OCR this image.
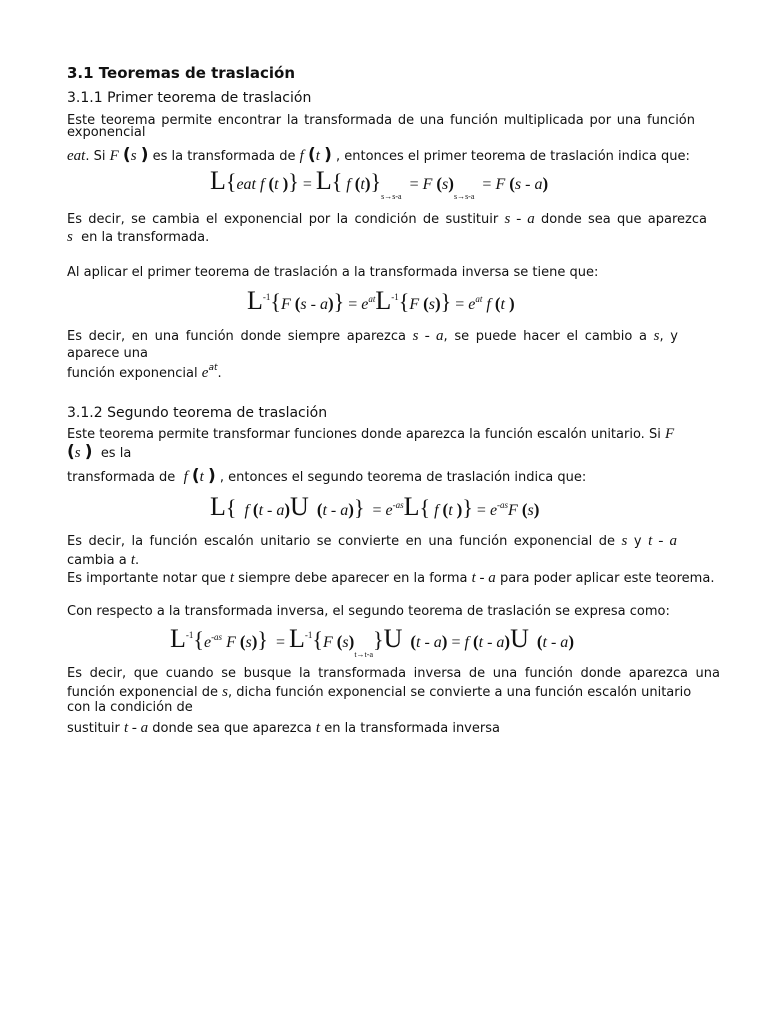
3.1 Teoremas de traslación
3.1.1 Primer teorema de traslación
Este teorema permite encontrar la transformada de una función multiplicada por una función
exponencial
eat. Si F (s ) es la transformada de f (t ) , entonces el primer teorema de traslación indica que:
L{eat f (t )} = L{ f $(t)\}_{s\to s-a} = F$ $(s)_{s\to s-a} = F$ (s - a)
Es decir, se cambia el exponencial por la condición de sustituir s - a donde sea que aparezca
s en la transformada.
Al aplicar el primer teorema de traslación a la transformada inversa se tiene que:
$L^{-1}\{F$ $(s - a)\} = e^{at}L^{-1}\{F$ $(s)\} = e^{at}$ f (t )
Es decir, en una función donde siempre aparezca s - a, se puede hacer el cambio a s, y
aparece una
función exponencial $e^{at}$.
3.1.2 Segundo teorema de traslación
Este teorema permite transformar funciones donde aparezca la función escalón unitario. Si F
(s ) es la
transformada de f (t ) , entonces el segundo teorema de traslación indica que:
L{ f (t - a)U $(t - a)\} = e^{-as}L${ f (t )} = $e^{-as}F$ (s)
Es decir, la función escalón unitario se convierte en una función exponencial de s y t - a
cambia a t.
Es importante notar que t siempre debe aparecer en la forma t - a para poder aplicar este teorema.
Con respecto a la transformada inversa, el segundo teorema de traslación se expresa como:
$L^{-1}\{e^{-as}$ F $(s)\} = L^{-1}\{F$ $(s)_{t\to t-a}\}U$ (t - a) = f (t - a)U (t - a)
Es decir, que cuando se busque la transformada inversa de una función donde aparezca una
función exponencial de s, dicha función exponencial se convierte a una función escalón unitario
con la condición de
sustituir t - a donde sea que aparezca t en la transformada inversa
